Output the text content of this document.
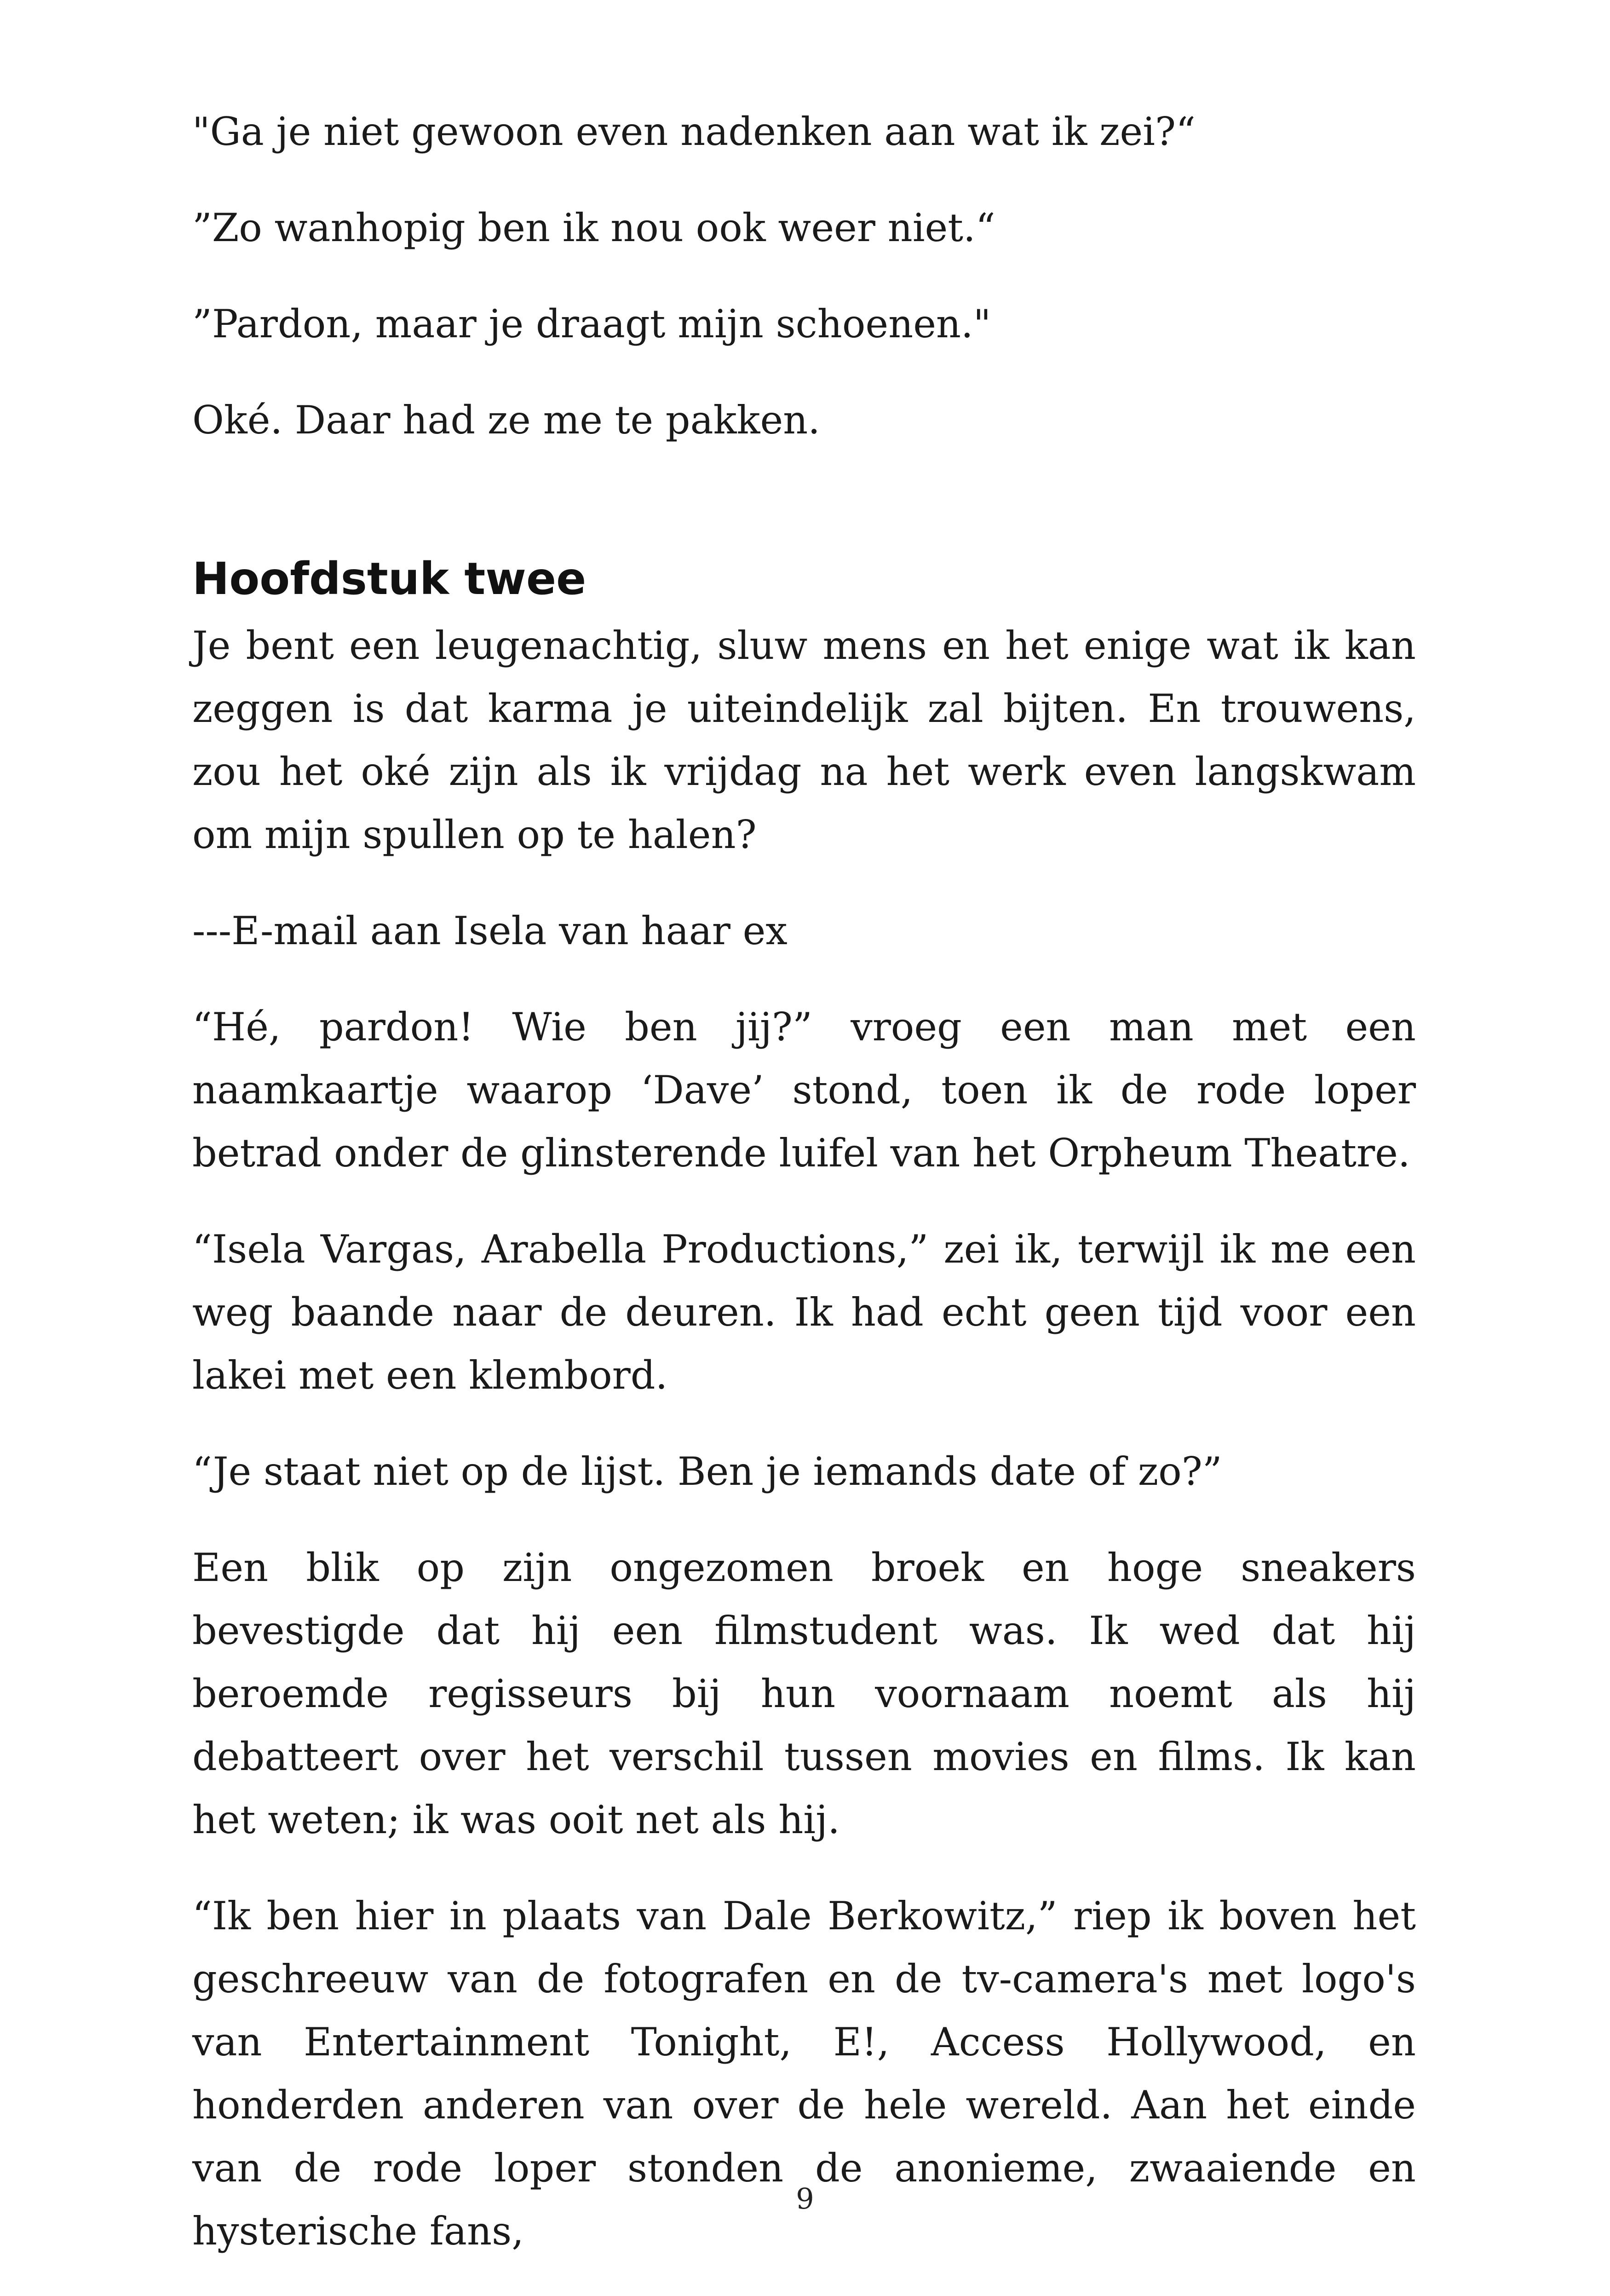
"Ga je niet gewoon even nadenken aan wat ik zei?“

”Zo wanhopig ben ik nou ook weer niet.“

”Pardon, maar je draagt mijn schoenen."

Oké. Daar had ze me te pakken.

Hoofdstuk twee

Je bent een leugenachtig, sluw mens en het enige wat ik kan zeggen is dat karma je uiteindelijk zal bijten. En trouwens, zou het oké zijn als ik vrijdag na het werk even langskwam om mijn spullen op te halen?

---E-mail aan Isela van haar ex

“Hé, pardon! Wie ben jij?” vroeg een man met een naamkaartje waarop ‘Dave’ stond, toen ik de rode loper betrad onder de glinsterende luifel van het Orpheum Theatre.

“Isela Vargas, Arabella Productions,” zei ik, terwijl ik me een weg baande naar de deuren. Ik had echt geen tijd voor een lakei met een klembord.

“Je staat niet op de lijst. Ben je iemands date of zo?”

Een blik op zijn ongezomen broek en hoge sneakers bevestigde dat hij een filmstudent was. Ik wed dat hij beroemde regisseurs bij hun voornaam noemt als hij debatteert over het verschil tussen movies en films. Ik kan het weten; ik was ooit net als hij.

“Ik ben hier in plaats van Dale Berkowitz,” riep ik boven het geschreeuw van de fotografen en de tv-camera's met logo's van Entertainment Tonight, E!, Access Hollywood, en honderden anderen van over de hele wereld. Aan het einde van de rode loper stonden de anonieme, zwaaiende en hysterische fans,

9
